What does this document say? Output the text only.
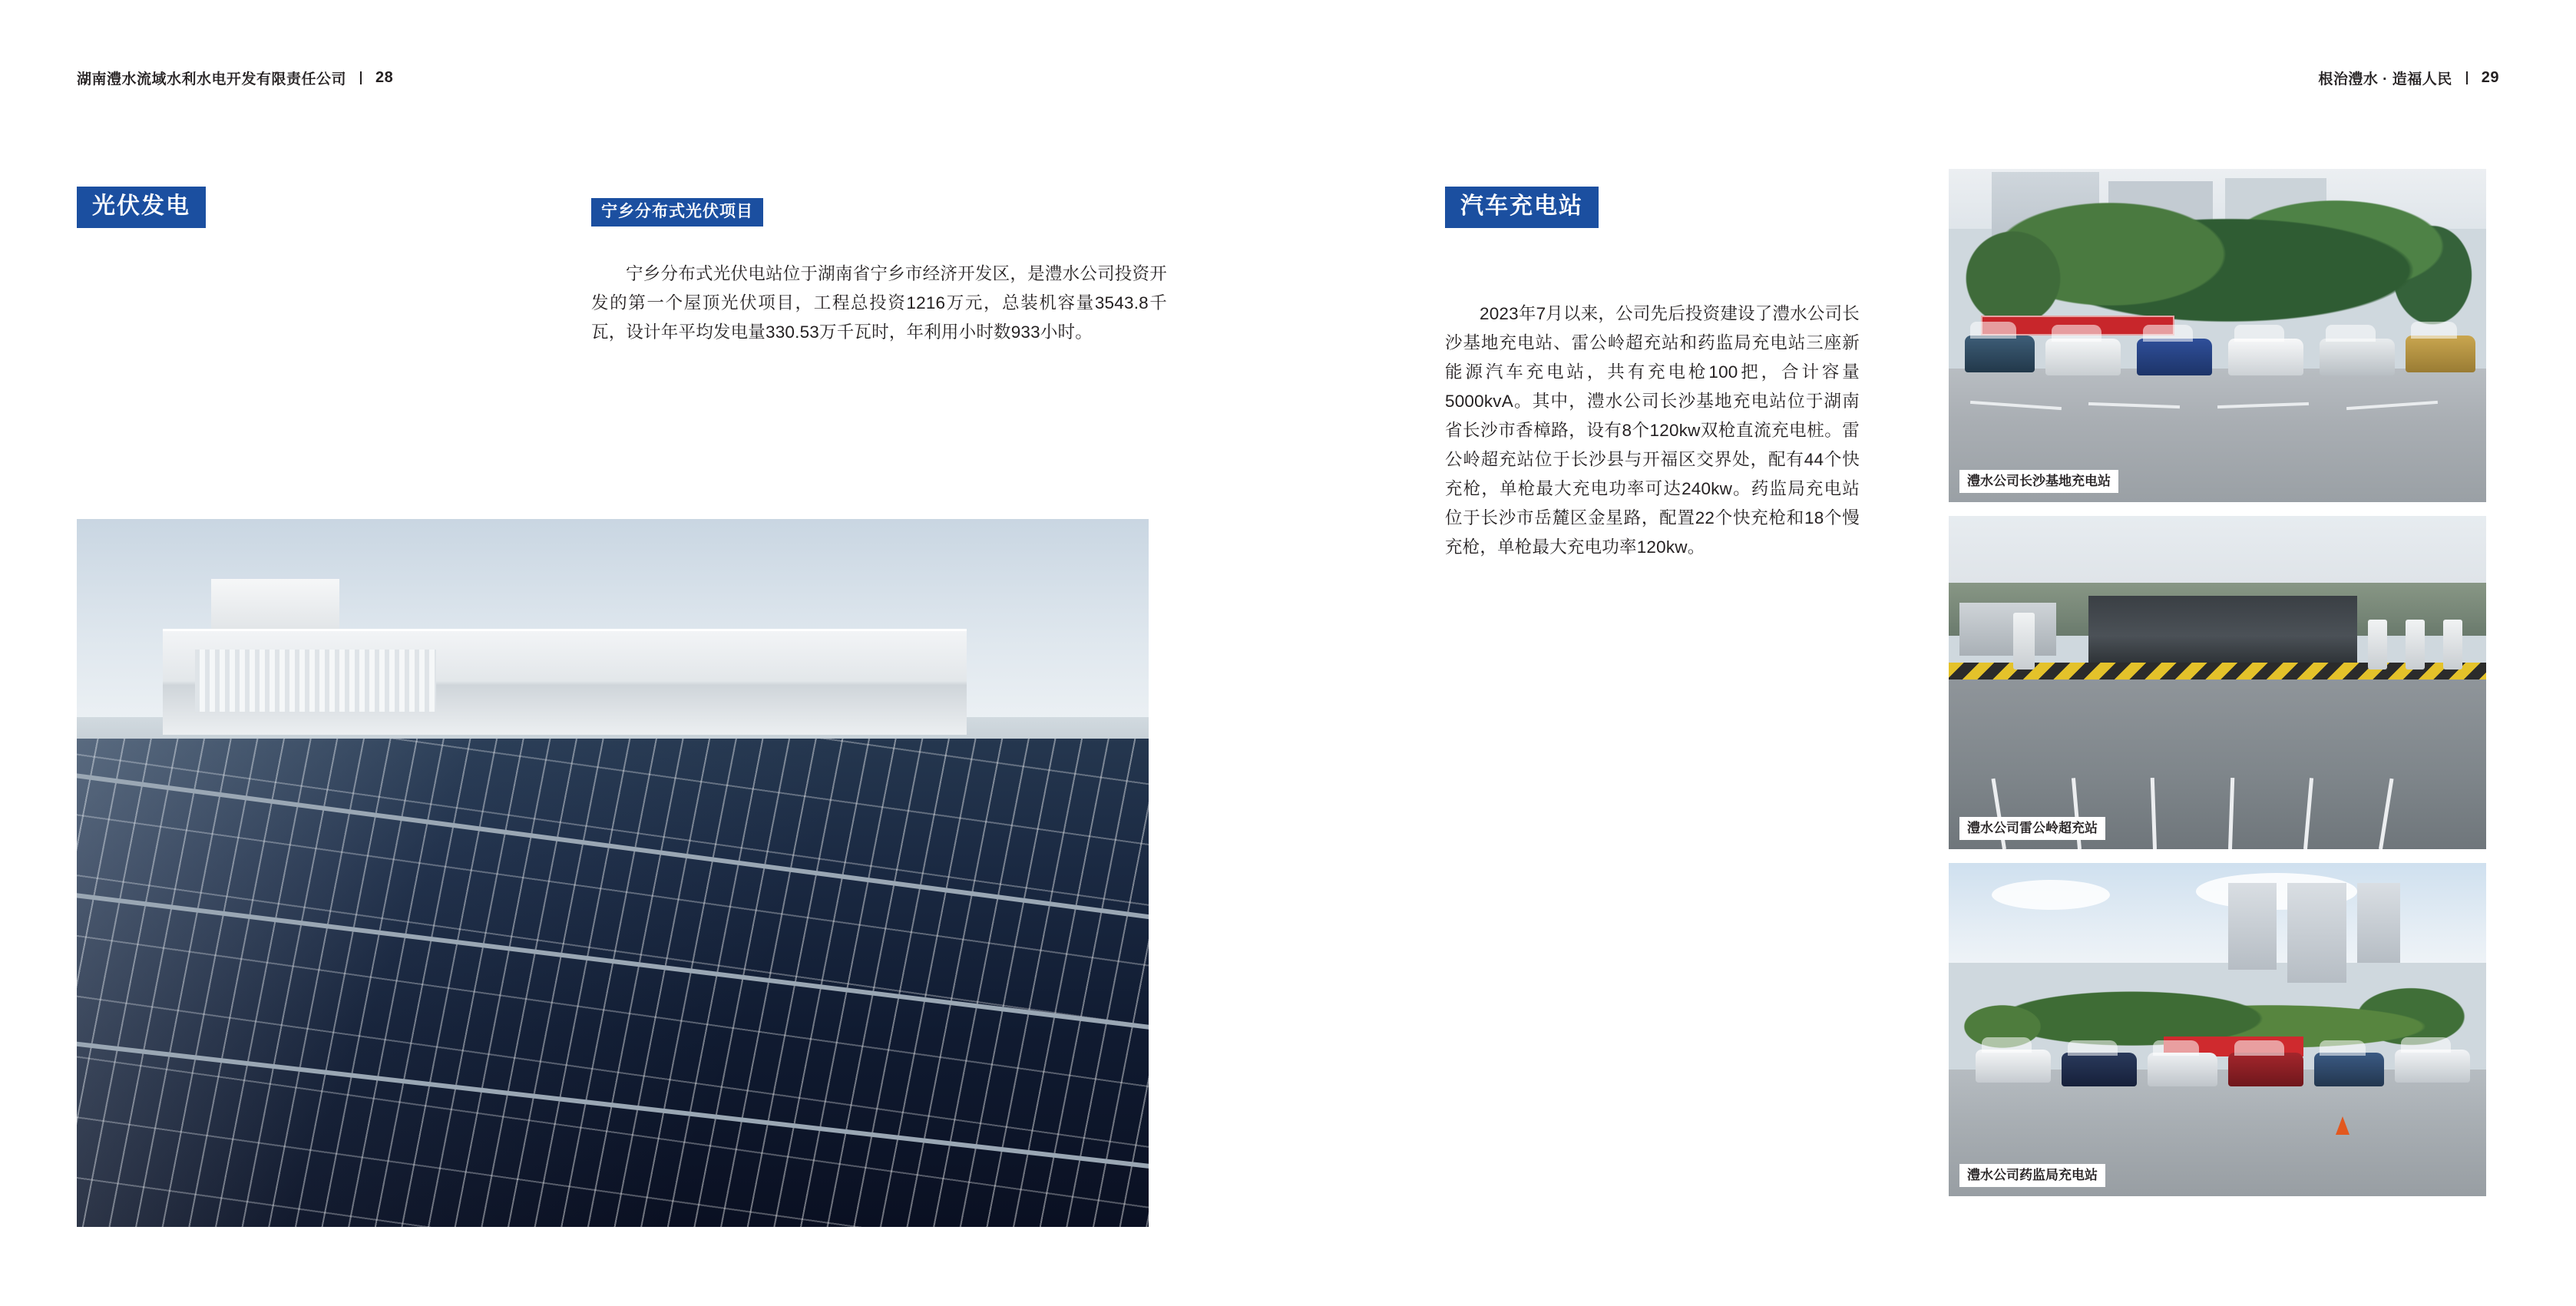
湖南澧水流域水利水电开发有限责任公司 28	根治澧水 · 造福人民 29
光伏发电	宁乡分布式光伏项目
宁乡分布式光伏电站位于湖南省宁乡市经济开发区，是澧水公司投资开发的第一个屋顶光伏项目，工程总投资1216万元，总装机容量3543.8千瓦，设计年平均发电量330.53万千瓦时，年利用小时数933小时。
汽车充电站
2023年7月以来，公司先后投资建设了澧水公司长沙基地充电站、雷公岭超充站和药监局充电站三座新能源汽车充电站，共有充电枪100把，合计容量5000kvA。其中，澧水公司长沙基地充电站位于湖南省长沙市香樟路，设有8个120kw双枪直流充电桩。雷公岭超充站位于长沙县与开福区交界处，配有44个快充枪，单枪最大充电功率可达240kw。药监局充电站位于长沙市岳麓区金星路，配置22个快充枪和18个慢充枪，单枪最大充电功率120kw。
澧水公司长沙基地充电站
澧水公司雷公岭超充站
澧水公司药监局充电站
